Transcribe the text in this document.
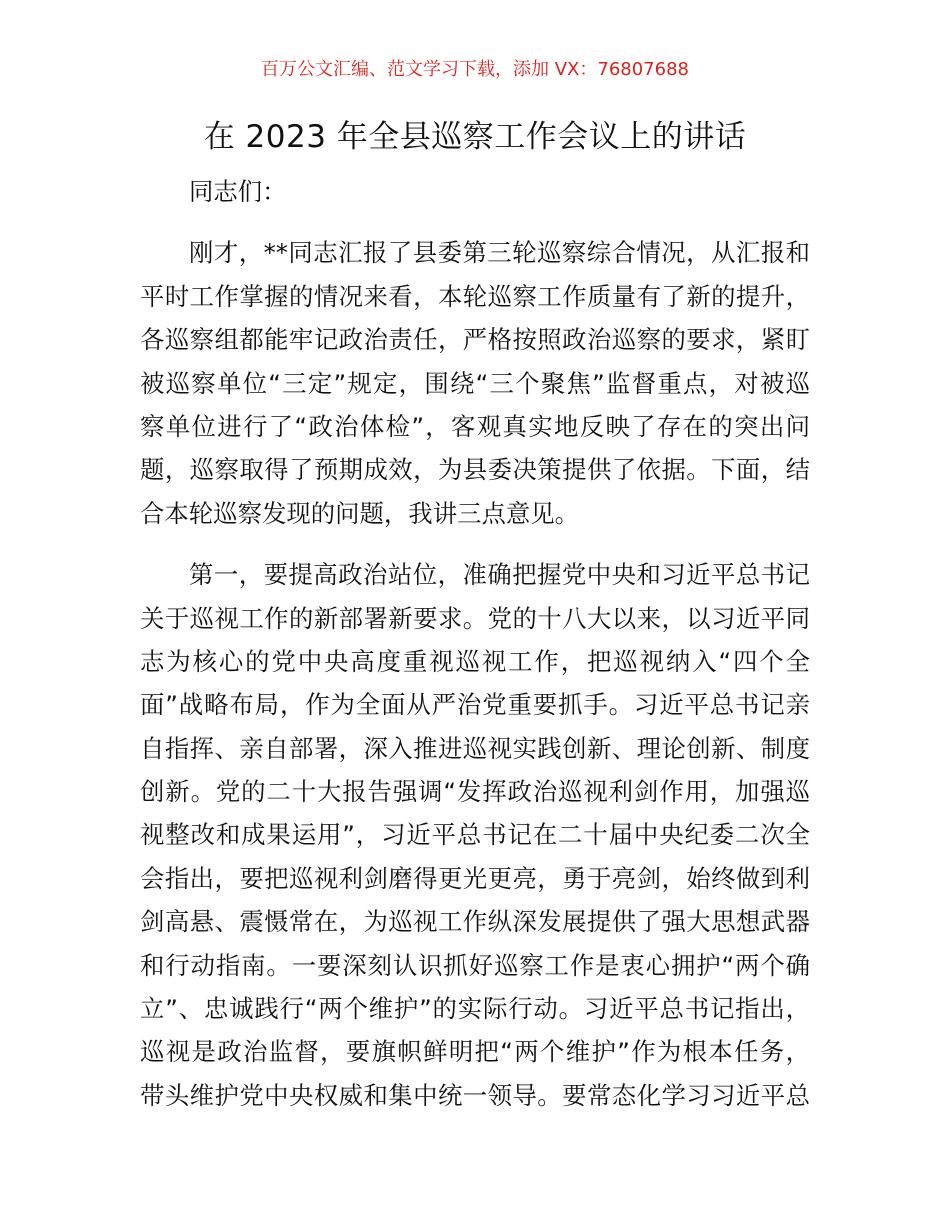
百万公文汇编、范文学习下载，添加 VX：76807688
在 2023 年全县巡察工作会议上的讲话
同志们：
刚才，**同志汇报了县委第三轮巡察综合情况，从汇报和
平时工作掌握的情况来看，本轮巡察工作质量有了新的提升，
各巡察组都能牢记政治责任，严格按照政治巡察的要求，紧盯
被巡察单位“三定”规定，围绕“三个聚焦”监督重点，对被巡
察单位进行了“政治体检”，客观真实地反映了存在的突出问
题，巡察取得了预期成效，为县委决策提供了依据。下面，结
合本轮巡察发现的问题，我讲三点意见。
第一，要提高政治站位，准确把握党中央和习近平总书记
关于巡视工作的新部署新要求。党的十八大以来，以习近平同
志为核心的党中央高度重视巡视工作，把巡视纳入“四个全
面”战略布局，作为全面从严治党重要抓手。习近平总书记亲
自指挥、亲自部署，深入推进巡视实践创新、理论创新、制度
创新。党的二十大报告强调“发挥政治巡视利剑作用，加强巡
视整改和成果运用”，习近平总书记在二十届中央纪委二次全
会指出，要把巡视利剑磨得更光更亮，勇于亮剑，始终做到利
剑高悬、震慑常在，为巡视工作纵深发展提供了强大思想武器
和行动指南。一要深刻认识抓好巡察工作是衷心拥护“两个确
立”、忠诚践行“两个维护”的实际行动。习近平总书记指出，
巡视是政治监督，要旗帜鲜明把“两个维护”作为根本任务，
带头维护党中央权威和集中统一领导。要常态化学习习近平总
